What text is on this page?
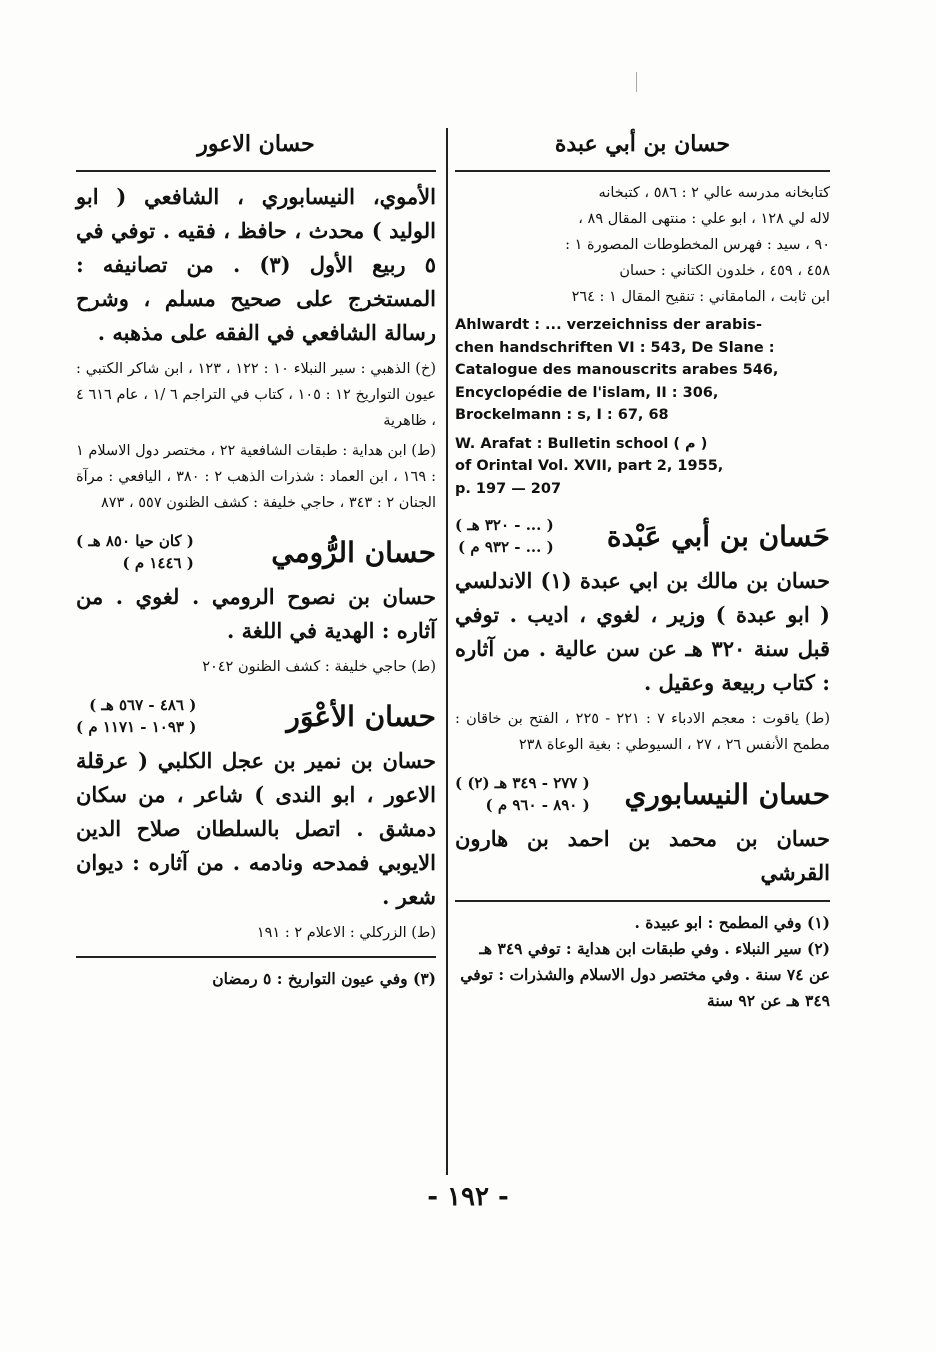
حسان بن أبي عبدة
كتابخانه مدرسه عالي ٢ : ٥٨٦ ، كتبخانه
لاله لي ١٢٨ ، ابو علي : منتهى المقال ٨٩ ،
٩٠ ، سيد : فهرس المخطوطات المصورة ١ :
٤٥٨ ، ٤٥٩ ، خلدون الكتاني : حسان
ابن ثابت ، المامقاني : تنقيح المقال ١ : ٢٦٤
Ahlwardt : ... verzeichniss der arabis-
chen handschriften VI : 543, De Slane :
Catalogue des manouscrits arabes 546,
Encyclopédie de l'islam, II : 306,
Brockelmann : s, I : 67, 68
W. Arafat : Bulletin school ( م )
of Orintal Vol. XVII, part 2, 1955,
p. 197 — 207
حَسان بن أبي عَبْدة
( ... - ٣٢٠ هـ )
( ... - ٩٣٢ م )
حسان بن مالك بن ابي عبدة (١) الاندلسي ( ابو عبدة ) وزير ، لغوي ، اديب . توفي قبل سنة ٣٢٠ هـ عن سن عالية . من آثاره : كتاب ربيعة وعقيل .
(ط) ياقوت : معجم الادباء ٧ : ٢٢١ - ٢٢٥ ، الفتح بن خاقان : مطمح الأنفس ٢٦ ، ٢٧ ، السيوطي : بغية الوعاة ٢٣٨
حسان النيسابوري
( ٢٧٧ - ٣٤٩ هـ (٢) )
( ٨٩٠ - ٩٦٠ م )
حسان بن محمد بن احمد بن هارون القرشي
(١) وفي المطمح : ابو عبيدة .
(٢) سير النبلاء . وفي طبقات ابن هداية : توفي ٣٤٩ هـ عن ٧٤ سنة . وفي مختصر دول الاسلام والشذرات : توفي ٣٤٩ هـ عن ٩٢ سنة
حسان الاعور
الأموي، النيسابوري ، الشافعي ( ابو الوليد ) محدث ، حافظ ، فقيه . توفي في ٥ ربيع الأول (٣) . من تصانيفه : المستخرج على صحيح مسلم ، وشرح رسالة الشافعي في الفقه على مذهبه .
(خ) الذهبي : سير النبلاء ١٠ : ١٢٢ ، ١٢٣ ، ابن شاكر الكتبي : عيون التواريخ ١٢ : ١٠٥ ، كتاب في التراجم ٦ /١ ، عام ٦١٦ ٤ ، ظاهرية
(ط) ابن هداية : طبقات الشافعية ٢٢ ، مختصر دول الاسلام ١ : ١٦٩ ، ابن العماد : شذرات الذهب ٢ : ٣٨٠ ، اليافعي : مرآة الجنان ٢ : ٣٤٣ ، حاجي خليفة : كشف الظنون ٥٥٧ ، ٨٧٣
حسان الرُّومي
( كان حيا ٨٥٠ هـ )
( ١٤٤٦ م )
حسان بن نصوح الرومي . لغوي . من آثاره : الهدية في اللغة .
(ط) حاجي خليفة : كشف الظنون ٢٠٤٢
حسان الأعْوَر
( ٤٨٦ - ٥٦٧ هـ )
( ١٠٩٣ - ١١٧١ م )
حسان بن نمير بن عجل الكلبي ( عرقلة الاعور ، ابو الندى ) شاعر ، من سكان دمشق . اتصل بالسلطان صلاح الدين الايوبي فمدحه ونادمه . من آثاره : ديوان شعر .
(ط) الزركلي : الاعلام ٢ : ١٩١
(٣) وفي عيون التواريخ : ٥ رمضان
- ١٩٢ -
